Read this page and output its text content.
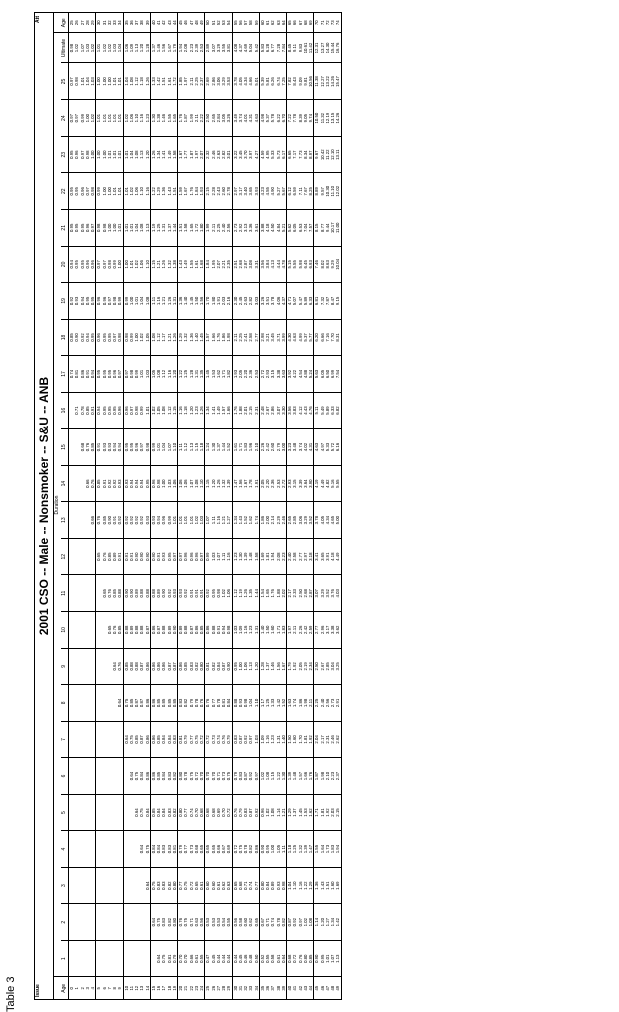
Table 3	Issue
2001 CSO -- Male -- Nonsmoker -- S&U -- ANB
Att
	Duration																										
Age	1	2	3	4	5	6	7	8	9	10	11	12	13	14	15	16	17	18	19	20	21	22	23	24	25	Ultimate	Age
0																	0.74	0.85	0.92	0.94	0.95	0.95	0.95	0.97	0.97	0.98	25
1																0.71	0.81	0.90	0.93	0.95	0.95	0.95	0.96	0.97	0.98	1.02	26
2															0.68	0.78	0.86	0.92	0.94	0.95	0.95	0.96	0.97	0.99	1.01	1.07	27
3														0.66	0.76	0.85	0.91	0.94	0.95	0.96	0.96	0.97	0.98	1.00	1.04	1.03	28
4													0.66	0.76	0.85	0.91	0.94	0.95	0.95	0.96	0.97	0.98	1.00	1.02	1.03	1.02	29
5												0.65	0.76	0.85	0.91	0.94	0.95	0.96	0.96	0.97	0.98	0.99	1.00	1.01	1.00	1.01	30
6											0.65	0.76	0.85	0.91	0.93	0.95	0.95	0.95	0.96	0.97	0.98	1.00	1.00	1.01	1.00	1.02	31
7										0.65	0.76	0.85	0.90	0.92	0.93	0.95	0.95	0.95	0.97	0.98	1.00	1.00	1.01	1.01	1.00	1.02	32
8									0.64	0.76	0.85	0.89	0.91	0.92	0.94	0.95	0.96	0.97	0.98	0.99	1.00	1.01	1.01	1.01	1.01	1.03	33
9								0.64	0.76	0.85	0.88	0.91	0.92	0.93	0.94	0.96	0.97	0.98	0.99	1.00	1.01	1.01	1.01	1.01	1.01	1.04	34
10							0.64	0.75	0.85	0.88	0.90	0.91	0.92	0.93	0.95	0.96	0.97	0.98	0.99	1.00	1.01	1.01	1.01	1.02	1.04	1.06	35
11						0.64	0.75	0.85	0.88	0.89	0.90	0.91	0.92	0.94	0.95	0.97	0.98	0.99	1.00	1.01	1.01	1.02	1.04	1.06	1.08	1.09	36
12					0.64	0.75	0.85	0.87	0.88	0.88	0.89	0.90	0.92	0.94	0.96	0.98	0.99	1.00	1.01	1.02	1.04	1.06	1.08	1.10	1.12	1.13	37
13				0.64	0.75	0.84	0.87	0.87	0.87	0.88	0.88	0.90	0.92	0.94	0.97	0.99	1.01	1.02	1.04	1.06	1.08	1.10	1.13	1.16	1.18	1.20	38
14			0.64	0.75	0.84	0.86	0.86	0.86	0.86	0.87	0.88	0.90	0.93	0.95	0.98	1.01	1.03	1.05	1.08	1.10	1.13	1.16	1.20	1.23	1.26	1.28	39
15		0.64	0.75	0.84	0.85	0.86	0.86	0.86	0.86	0.86	0.88	0.90	0.93	0.96	0.99	1.02	1.05	1.08	1.11	1.15	1.19	1.22	1.26	1.30	1.33	1.37	40
16	0.64	0.75	0.83	0.84	0.84	0.85	0.85	0.85	0.86	0.87	0.89	0.91	0.94	0.98	1.01	1.05	1.08	1.12	1.16	1.21	1.25	1.29	1.34	1.38	1.42	1.46	41
17	0.75	0.83	0.83	0.83	0.84	0.84	0.84	0.85	0.86	0.88	0.90	0.93	0.96	1.00	1.04	1.08	1.12	1.17	1.21	1.26	1.31	1.36	1.41	1.46	1.51	1.56	42
18	0.81	0.82	0.82	0.83	0.83	0.83	0.84	0.85	0.87	0.89	0.92	0.95	0.99	1.03	1.07	1.12	1.16	1.21	1.26	1.32	1.37	1.43	1.49	1.55	1.61	1.67	43
19	0.79	0.80	0.80	0.81	0.82	0.82	0.83	0.85	0.87	0.90	0.93	0.97	1.01	1.06	1.10	1.15	1.20	1.26	1.31	1.38	1.44	1.51	1.58	1.65	1.72	1.79	44
20	0.70	0.76	0.77	0.79	0.80	0.80	0.81	0.83	0.86	0.89	0.93	0.97	1.01	1.06	1.11	1.16	1.22	1.29	1.36	1.43	1.51	1.59	1.67	1.76	1.85	1.94	45
21	0.70	0.75	0.75	0.77	0.77	0.78	0.79	0.82	0.85	0.88	0.92	0.96	1.01	1.06	1.12	1.18	1.25	1.32	1.40	1.49	1.58	1.67	1.77	1.87	1.97	2.08	46
22	0.66	0.71	0.72	0.73	0.74	0.75	0.77	0.79	0.83	0.87	0.91	0.96	1.01	1.07	1.13	1.20	1.28	1.36	1.45	1.55	1.65	1.76	1.87	1.99	2.11	2.23	47
23	0.61	0.63	0.65	0.68	0.70	0.72	0.75	0.78	0.82	0.86	0.91	0.96	1.02	1.08	1.15	1.23	1.31	1.40	1.50	1.61	1.72	1.84	1.97	2.11	2.25	2.39	48
24	0.55	0.56	0.61	0.65	0.68	0.70	0.72	0.76	0.80	0.85	0.91	0.97	1.03	1.10	1.18	1.26	1.35	1.45	1.56	1.68	1.80	1.93	2.07	2.22	2.37	2.53	49
25	0.47	0.53	0.60	0.65	0.68	0.70	0.72	0.76	0.81	0.86	0.92	0.99	1.07	1.15	1.24	1.34	1.45	1.57	1.70	1.84	1.99	2.15	2.32	2.50	2.69	2.89	50
26	0.45	0.53	0.60	0.65	0.68	0.70	0.73	0.77	0.82	0.88	0.95	1.03	1.11	1.20	1.30	1.41	1.53	1.66	1.80	1.95	2.11	2.28	2.46	2.65	2.86	3.07	51
27	0.44	0.53	0.61	0.66	0.69	0.71	0.74	0.78	0.84	0.91	0.98	1.07	1.16	1.26	1.37	1.49	1.62	1.76	1.91	2.07	2.25	2.43	2.63	2.84	3.06	3.29	52
28	0.44	0.54	0.62	0.67	0.70	0.73	0.76	0.81	0.87	0.94	1.02	1.11	1.21	1.32	1.44	1.57	1.71	1.86	2.03	2.21	2.40	2.60	2.82	3.05	3.29	3.55	53
29	0.44	0.55	0.63	0.69	0.72	0.75	0.79	0.84	0.90	0.98	1.06	1.16	1.27	1.39	1.52	1.66	1.82	1.98	2.16	2.35	2.56	2.78	3.01	3.26	3.53	3.81	54
30	0.44	0.56	0.65	0.72	0.76	0.79	0.83	0.88	0.95	1.03	1.12	1.23	1.34	1.47	1.61	1.76	1.93	2.11	2.30	2.51	2.73	2.97	3.22	3.49	3.78	4.08	55
31	0.45	0.58	0.68	0.75	0.79	0.83	0.87	0.93	1.00	1.09	1.19	1.30	1.43	1.56	1.71	1.88	2.05	2.25	2.45	2.68	2.92	3.17	3.45	3.74	4.05	4.37	56
32	0.46	0.60	0.71	0.78	0.83	0.87	0.92	0.98	1.06	1.16	1.26	1.39	1.52	1.67	1.83	2.01	2.20	2.41	2.63	2.87	3.13	3.40	3.70	4.01	4.34	4.69	57
33	0.48	0.62	0.74	0.82	0.87	0.92	0.97	1.04	1.13	1.23	1.35	1.48	1.62	1.78	1.96	2.15	2.36	2.58	2.82	3.08	3.36	3.65	3.97	4.31	4.66	5.04	58
34	0.50	0.65	0.77	0.86	0.92	0.97	1.03	1.10	1.20	1.31	1.44	1.58	1.74	1.91	2.10	2.31	2.53	2.77	3.03	3.31	3.61	3.93	4.27	4.63	5.01	5.42	59
35	0.52	0.67	0.80	0.90	0.96	1.02	1.09	1.17	1.28	1.40	1.54	1.69	1.86	2.05	2.26	2.48	2.72	2.98	3.26	3.56	3.88	4.23	4.59	4.98	5.39	5.83	60
36	0.55	0.71	0.84	0.95	1.02	1.08	1.16	1.25	1.37	1.50	1.65	1.81	2.00	2.20	2.42	2.67	2.93	3.21	3.51	3.84	4.18	4.55	4.95	5.37	5.81	6.28	61
37	0.58	0.74	0.89	1.00	1.08	1.15	1.23	1.33	1.46	1.60	1.76	1.94	2.14	2.36	2.60	2.86	3.15	3.45	3.78	4.13	4.50	4.90	5.33	5.78	6.26	6.77	62
38	0.61	0.78	0.93	1.05	1.14	1.22	1.31	1.42	1.56	1.71	1.88	2.08	2.29	2.53	2.79	3.07	3.38	3.71	4.06	4.44	4.84	5.27	5.73	6.22	6.74	7.28	63
39	0.64	0.82	0.98	1.11	1.21	1.30	1.40	1.52	1.67	1.83	2.02	2.23	2.46	2.72	3.00	3.30	3.63	3.99	4.37	4.78	5.21	5.67	6.17	6.70	7.25	7.84	64
40	0.68	0.87	1.04	1.18	1.29	1.39	1.50	1.63	1.79	1.97	2.17	2.40	2.65	2.93	3.23	3.56	3.92	4.30	4.71	5.15	5.62	6.12	6.65	7.22	7.82	8.45	65
41	0.72	0.92	1.10	1.25	1.37	1.48	1.60	1.74	1.92	2.11	2.33	2.58	2.85	3.15	3.48	3.83	4.22	4.63	5.07	5.55	6.05	6.59	7.17	7.78	8.43	9.11	66
42	0.76	0.97	1.16	1.32	1.45	1.57	1.70	1.86	2.05	2.26	2.50	2.77	3.06	3.39	3.74	4.12	4.54	4.99	5.47	5.98	6.53	7.11	7.73	8.39	9.09	9.83	67
43	0.80	1.02	1.22	1.39	1.53	1.66	1.81	1.98	2.19	2.42	2.68	2.97	3.29	3.64	4.02	4.43	4.88	5.37	5.89	6.45	7.04	7.67	8.34	9.05	9.81	10.61	68
44	0.85	1.08	1.29	1.47	1.62	1.76	1.92	2.11	2.34	2.59	2.87	3.18	3.52	3.90	4.31	4.76	5.24	5.77	6.33	6.93	7.57	8.25	8.97	9.74	10.56	11.42	69
45	0.90	1.14	1.36	1.55	1.71	1.87	2.04	2.25	2.50	2.77	3.07	3.41	3.78	4.19	4.63	5.11	5.63	6.20	6.81	7.46	8.15	8.89	9.67	10.50	11.38	12.31	70
46	0.95	1.20	1.43	1.64	1.81	1.98	2.17	2.40	2.67	2.96	3.29	3.65	4.05	4.49	4.97	5.49	6.05	6.66	7.32	8.02	8.77	9.57	10.42	11.32	12.27	13.27	71
47	1.01	1.27	1.51	1.73	1.92	2.10	2.31	2.56	2.85	3.17	3.52	3.91	4.34	4.82	5.33	5.89	6.50	7.16	7.87	8.63	9.44	10.30	11.22	12.19	13.22	14.30	72
48	1.07	1.34	1.60	1.83	2.03	2.23	2.46	2.73	3.04	3.38	3.76	4.18	4.65	5.16	5.72	6.33	6.99	7.70	8.47	9.29	10.17	11.10	12.10	13.15	14.26	15.44	73
49	1.13	1.42	1.69	1.94	2.15	2.37	2.62	2.91	3.25	3.62	4.03	4.49	5.00	5.55	6.16	6.82	7.54	8.31	9.15	10.04	11.00	12.02	13.11	14.26	15.47	16.76	74
